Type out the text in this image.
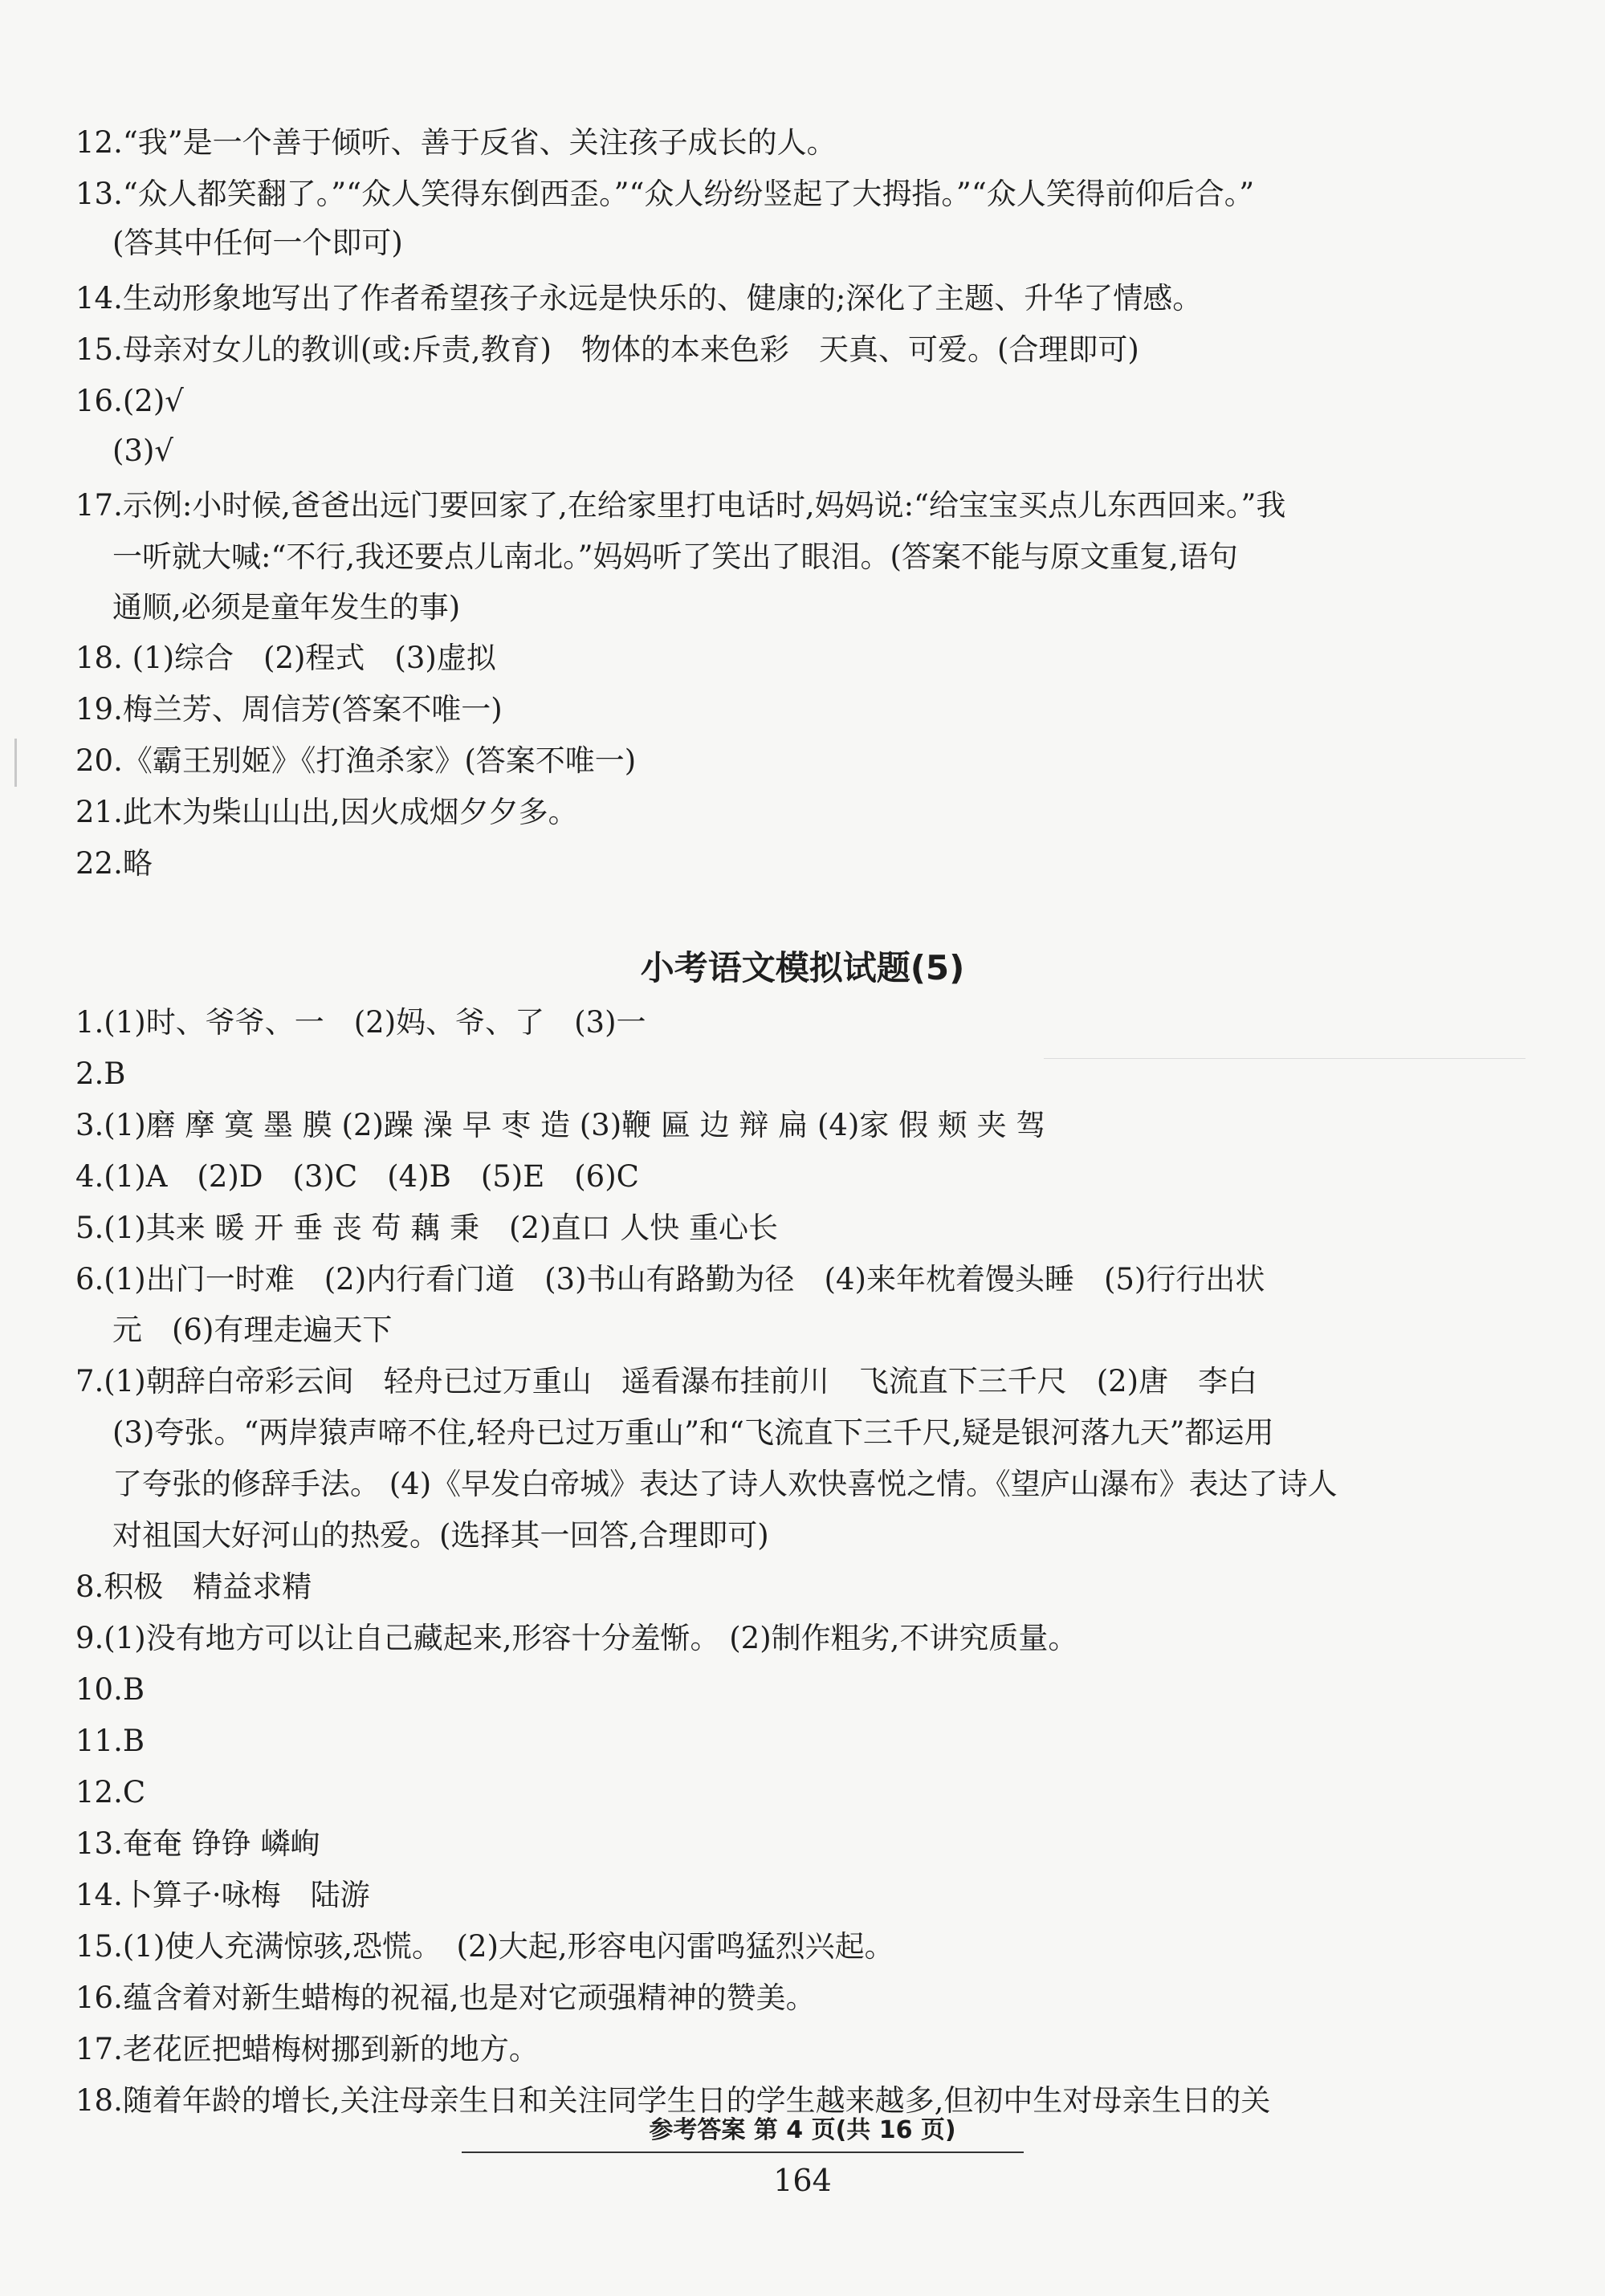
12.“我”是一个善于倾听、善于反省、关注孩子成长的人。
13.“众人都笑翻了。”“众人笑得东倒西歪。”“众人纷纷竖起了大拇指。”“众人笑得前仰后合。”
(答其中任何一个即可)
14.生动形象地写出了作者希望孩子永远是快乐的、健康的;深化了主题、升华了情感。
15.母亲对女儿的教训(或:斥责,教育)　物体的本来色彩　天真、可爱。(合理即可)
16.(2)√
(3)√
17.示例:小时候,爸爸出远门要回家了,在给家里打电话时,妈妈说:“给宝宝买点儿东西回来。”我
一听就大喊:“不行,我还要点儿南北。”妈妈听了笑出了眼泪。(答案不能与原文重复,语句
通顺,必须是童年发生的事)
18. (1)综合　(2)程式　(3)虚拟
19.梅兰芳、周信芳(答案不唯一)
20.《霸王别姬》《打渔杀家》(答案不唯一)
21.此木为柴山山出,因火成烟夕夕多。
22.略
小考语文模拟试题(5)
1.(1)时、爷爷、一　(2)妈、爷、了　(3)一
2.B
3.(1)磨 摩 寞 墨 膜 (2)躁 澡 早 枣 造 (3)鞭 匾 边 辩 扁 (4)家 假 颊 夹 驾
4.(1)A　(2)D　(3)C　(4)B　(5)E　(6)C
5.(1)其来 暖 开 垂 丧 苟 藕 秉　(2)直口 人快 重心长
6.(1)出门一时难　(2)内行看门道　(3)书山有路勤为径　(4)来年枕着馒头睡　(5)行行出状
元　(6)有理走遍天下
7.(1)朝辞白帝彩云间　轻舟已过万重山　遥看瀑布挂前川　飞流直下三千尺　(2)唐　李白
(3)夸张。“两岸猿声啼不住,轻舟已过万重山”和“飞流直下三千尺,疑是银河落九天”都运用
了夸张的修辞手法。 (4)《早发白帝城》表达了诗人欢快喜悦之情。《望庐山瀑布》表达了诗人
对祖国大好河山的热爱。(选择其一回答,合理即可)
8.积极　精益求精
9.(1)没有地方可以让自己藏起来,形容十分羞惭。 (2)制作粗劣,不讲究质量。
10.B
11.B
12.C
13.奄奄 铮铮 嶙峋
14.卜算子·咏梅　陆游
15.(1)使人充满惊骇,恐慌。　(2)大起,形容电闪雷鸣猛烈兴起。
16.蕴含着对新生蜡梅的祝福,也是对它顽强精神的赞美。
17.老花匠把蜡梅树挪到新的地方。
18.随着年龄的增长,关注母亲生日和关注同学生日的学生越来越多,但初中生对母亲生日的关
参考答案 第 4 页(共 16 页)
164
